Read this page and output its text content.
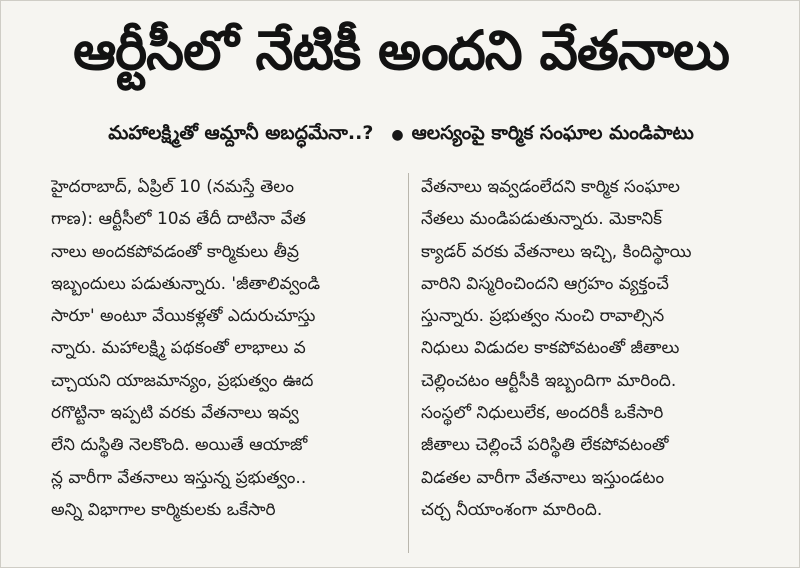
ఆర్టీసీలో నేటికీ అందని వేతనాలు
మహాలక్ష్మితో ఆమ్దానీ అబద్ధమేనా..? ● ఆలస్యంపై కార్మిక సంఘాల మండిపాటు
హైదరాబాద్, ఏప్రిల్ 10 (నమస్తే తెలం
గాణ): ఆర్టీసీలో 10వ తేదీ దాటినా వేత
నాలు అందకపోవడంతో కార్మికులు తీవ్ర
ఇబ్బందులు పడుతున్నారు. 'జీతాలివ్వండి
సారూ' అంటూ వేయికళ్లతో ఎదురుచూస్తు
న్నారు. మహాలక్ష్మి పథకంతో లాభాలు వ
చ్చాయని యాజమాన్యం, ప్రభుత్వం ఊద
రగొట్టినా ఇప్పటి వరకు వేతనాలు ఇవ్వ
లేని దుస్థితి నెలకొంది. అయితే ఆయాజో
న్ల వారీగా వేతనాలు ఇస్తున్న ప్రభుత్వం..
అన్ని విభాగాల కార్మికులకు ఒకేసారి
వేతనాలు ఇవ్వడంలేదని కార్మిక సంఘాల
నేతలు మండిపడుతున్నారు. మెకానిక్
క్యాడర్ వరకు వేతనాలు ఇచ్చి, కిందిస్థాయి
వారిని విస్మరించిందని ఆగ్రహం వ్యక్తంచే
స్తున్నారు. ప్రభుత్వం నుంచి రావాల్సిన
నిధులు విడుదల కాకపోవటంతో జీతాలు
చెల్లించటం ఆర్టీసీకి ఇబ్బందిగా మారింది.
సంస్థలో నిధులులేక, అందరికీ ఒకేసారి
జీతాలు చెల్లించే పరిస్థితి లేకపోవటంతో
విడతల వారీగా వేతనాలు ఇస్తుండటం
చర్చ నీయాంశంగా మారింది.
